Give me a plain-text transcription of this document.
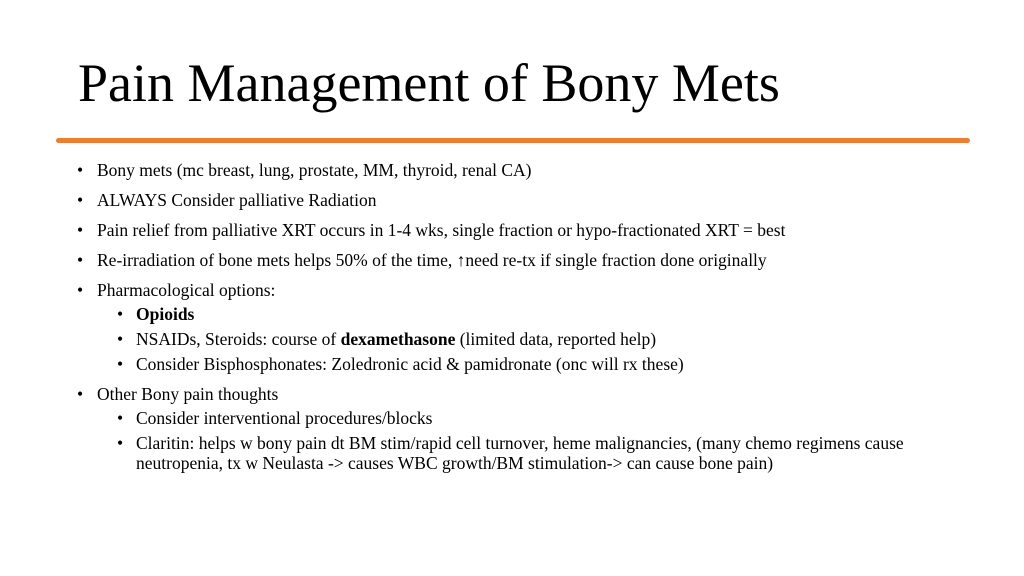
Pain Management of Bony Mets
• Bony mets (mc breast, lung, prostate, MM, thyroid, renal CA)
• ALWAYS Consider palliative Radiation
• Pain relief from palliative XRT occurs in 1-4 wks, single fraction or hypo-fractionated XRT = best
• Re-irradiation of bone mets helps 50% of the time, ↑need re-tx if single fraction done originally
• Pharmacological options:
• Opioids
• NSAIDs, Steroids: course of dexamethasone (limited data, reported help)
• Consider Bisphosphonates: Zoledronic acid & pamidronate (onc will rx these)
• Other Bony pain thoughts
• Consider interventional procedures/blocks
• Claritin: helps w bony pain dt BM stim/rapid cell turnover, heme malignancies, (many chemo regimens cause neutropenia, tx w Neulasta -> causes WBC growth/BM stimulation-> can cause bone pain)
